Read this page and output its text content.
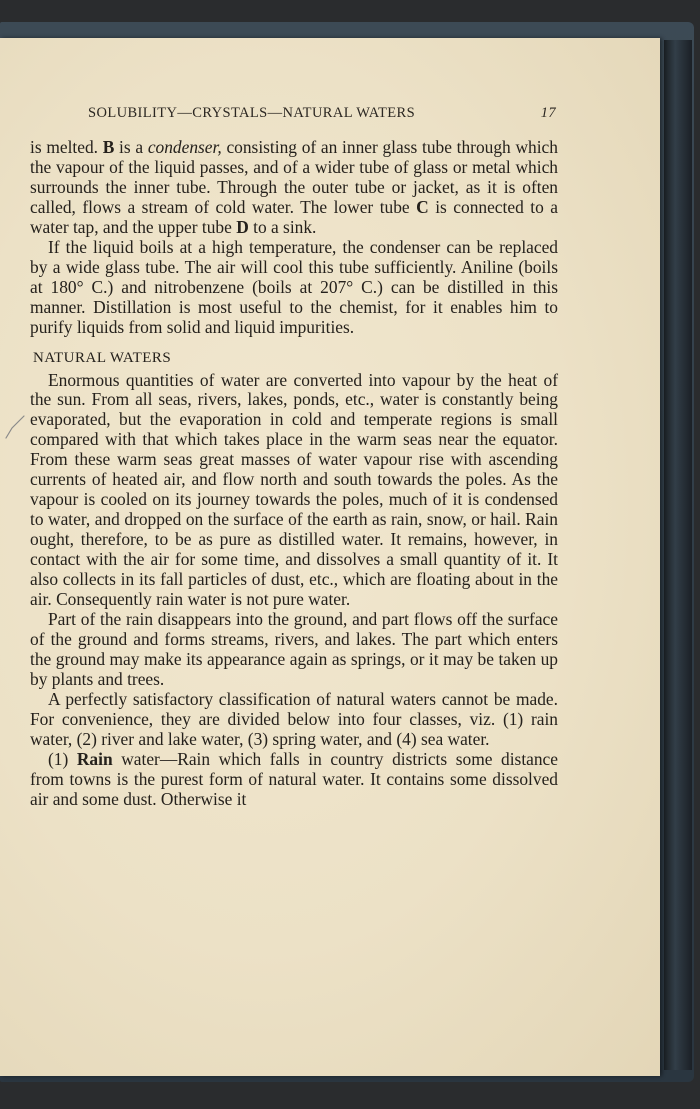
SOLUBILITY—CRYSTALS—NATURAL WATERS	17

is melted. B is a condenser, consisting of an inner glass tube through which the vapour of the liquid passes, and of a wider tube of glass or metal which surrounds the inner tube. Through the outer tube or jacket, as it is often called, flows a stream of cold water. The lower tube C is connected to a water tap, and the upper tube D to a sink.

If the liquid boils at a high temperature, the condenser can be replaced by a wide glass tube. The air will cool this tube sufficiently. Aniline (boils at 180° C.) and nitrobenzene (boils at 207° C.) can be distilled in this manner. Distillation is most useful to the chemist, for it enables him to purify liquids from solid and liquid impurities.

NATURAL WATERS

Enormous quantities of water are converted into vapour by the heat of the sun. From all seas, rivers, lakes, ponds, etc., water is constantly being evaporated, but the evaporation in cold and temperate regions is small compared with that which takes place in the warm seas near the equator. From these warm seas great masses of water vapour rise with ascending currents of heated air, and flow north and south towards the poles. As the vapour is cooled on its journey towards the poles, much of it is condensed to water, and dropped on the surface of the earth as rain, snow, or hail. Rain ought, therefore, to be as pure as distilled water. It remains, however, in contact with the air for some time, and dissolves a small quantity of it. It also collects in its fall particles of dust, etc., which are floating about in the air. Consequently rain water is not pure water.

Part of the rain disappears into the ground, and part flows off the surface of the ground and forms streams, rivers, and lakes. The part which enters the ground may make its appearance again as springs, or it may be taken up by plants and trees.

A perfectly satisfactory classification of natural waters cannot be made. For convenience, they are divided below into four classes, viz. (1) rain water, (2) river and lake water, (3) spring water, and (4) sea water.

(1) Rain water—Rain which falls in country districts some distance from towns is the purest form of natural water. It contains some dissolved air and some dust. Otherwise it
